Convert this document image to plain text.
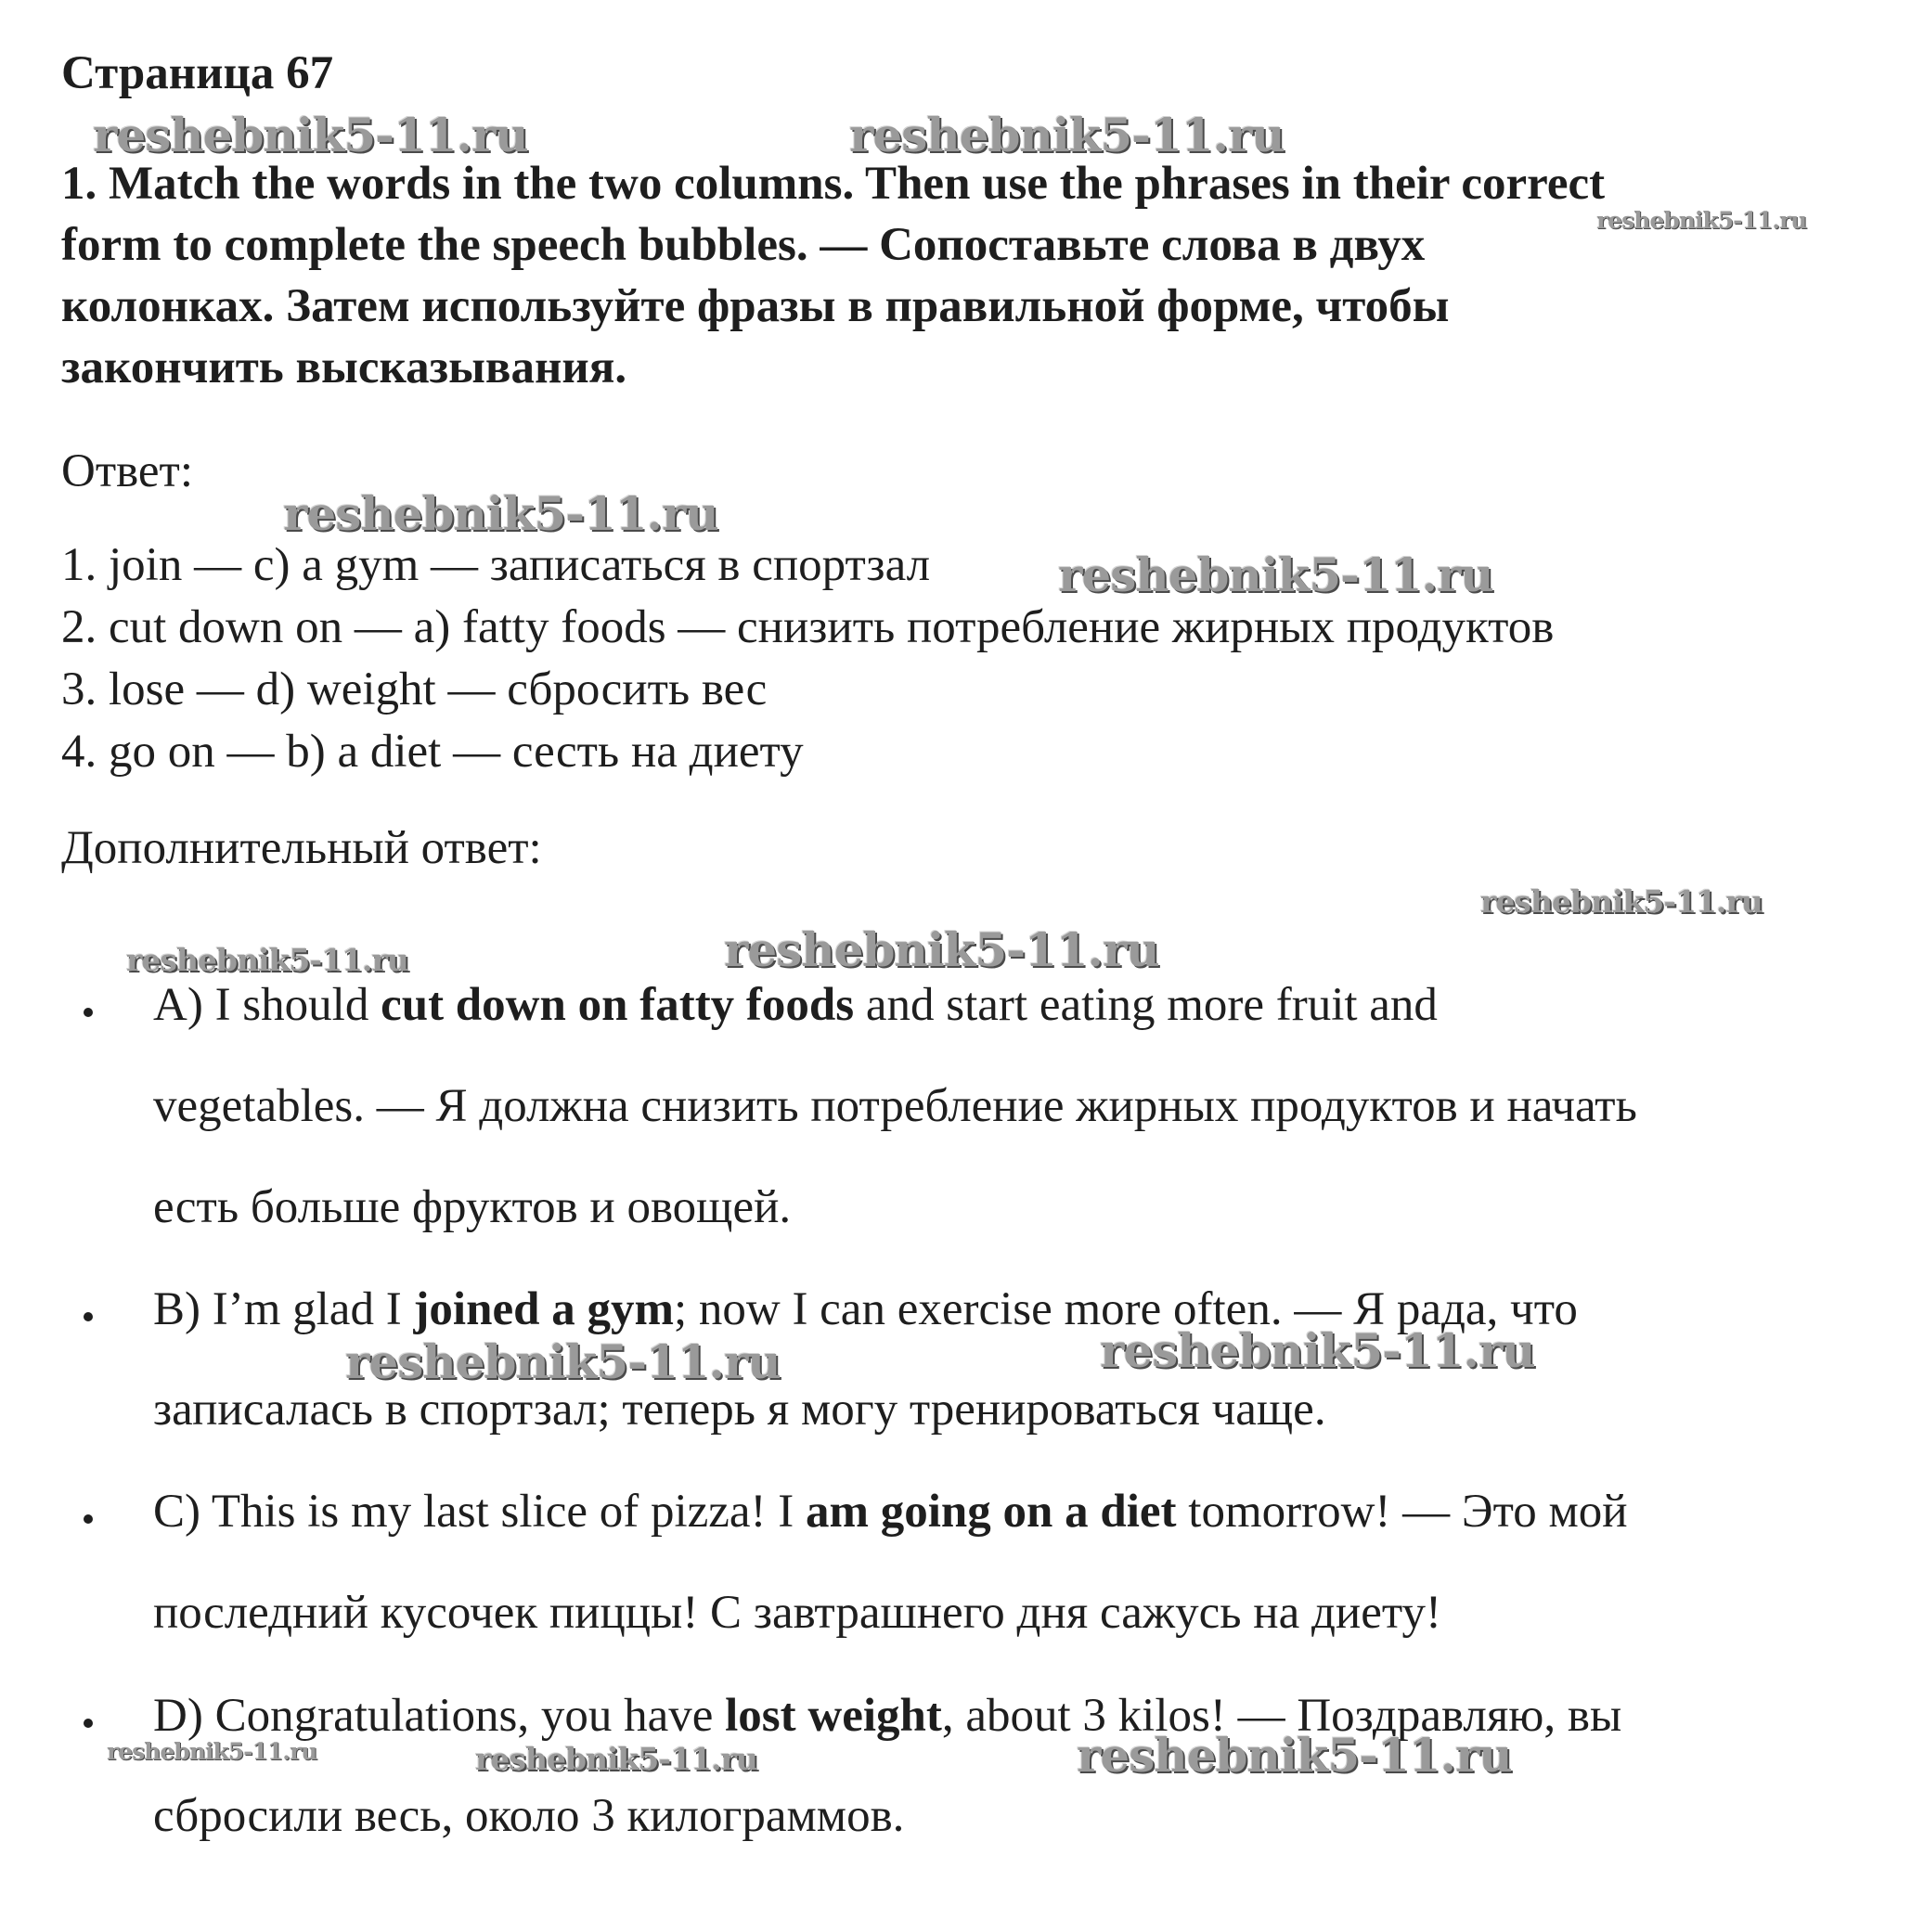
Страница 67

1. Match the words in the two columns. Then use the phrases in their correct
form to complete the speech bubbles. — Сопоставьте слова в двух
колонках. Затем используйте фразы в правильной форме, чтобы
закончить высказывания.

Ответ:

1. join — c) a gym — записаться в спортзал
2. cut down on — a) fatty foods — снизить потребление жирных продуктов
3. lose — d) weight — сбросить вес
4. go on — b) a diet — сесть на диету

Дополнительный ответ:

A) I should cut down on fatty foods and start eating more fruit and
vegetables. — Я должна снизить потребление жирных продуктов и начать
есть больше фруктов и овощей.
B) I’m glad I joined a gym; now I can exercise more often. — Я рада, что
записалась в спортзал; теперь я могу тренироваться чаще.
C) This is my last slice of pizza! I am going on a diet tomorrow! — Это мой
последний кусочек пиццы! С завтрашнего дня сажусь на диету!
D) Congratulations, you have lost weight, about 3 kilos! — Поздравляю, вы
сбросили весь, около 3 килограммов.
reshebnik5-11.ru	reshebnik5-11.ru
reshebnik5-11.ru
reshebnik5-11.ru
reshebnik5-11.ru
reshebnik5-11.ru
reshebnik5-11.ru	reshebnik5-11.ru
reshebnik5-11.ru	reshebnik5-11.ru
reshebnik5-11.ru	reshebnik5-11.ru	reshebnik5-11.ru
